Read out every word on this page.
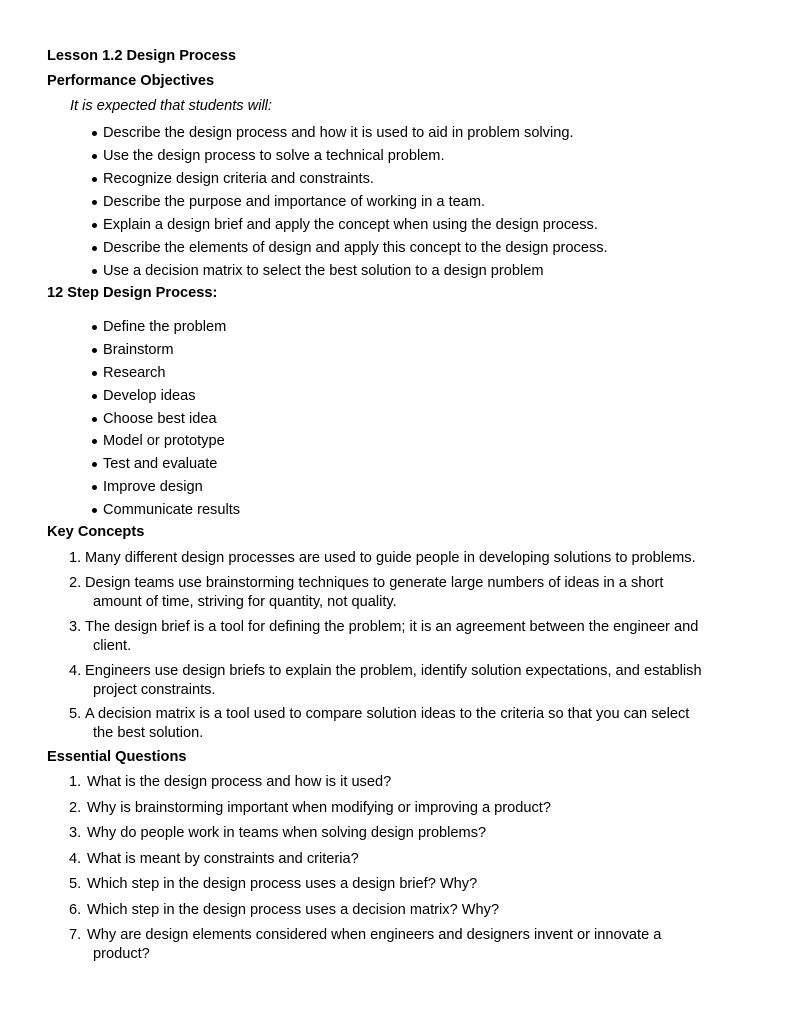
Lesson 1.2 Design Process
Performance Objectives
It is expected that students will:
Describe the design process and how it is used to aid in problem solving.
Use the design process to solve a technical problem.
Recognize design criteria and constraints.
Describe the purpose and importance of working in a team.
Explain a design brief and apply the concept when using the design process.
Describe the elements of design and apply this concept to the design process.
Use a decision matrix to select the best solution to a design problem
12 Step Design Process:
Define the problem
Brainstorm
Research
Develop ideas
Choose best idea
Model or prototype
Test and evaluate
Improve design
Communicate results
Key Concepts
1. Many different design processes are used to guide people in developing solutions to problems.
2. Design teams use brainstorming techniques to generate large numbers of ideas in a short
amount of time, striving for quantity, not quality.
3. The design brief is a tool for defining the problem; it is an agreement between the engineer and
client.
4. Engineers use design briefs to explain the problem, identify solution expectations, and establish
project constraints.
5. A decision matrix is a tool used to compare solution ideas to the criteria so that you can select
the best solution.
Essential Questions
1. What is the design process and how is it used?
2. Why is brainstorming important when modifying or improving a product?
3. Why do people work in teams when solving design problems?
4. What is meant by constraints and criteria?
5. Which step in the design process uses a design brief? Why?
6. Which step in the design process uses a decision matrix? Why?
7. Why are design elements considered when engineers and designers invent or innovate a
product?
